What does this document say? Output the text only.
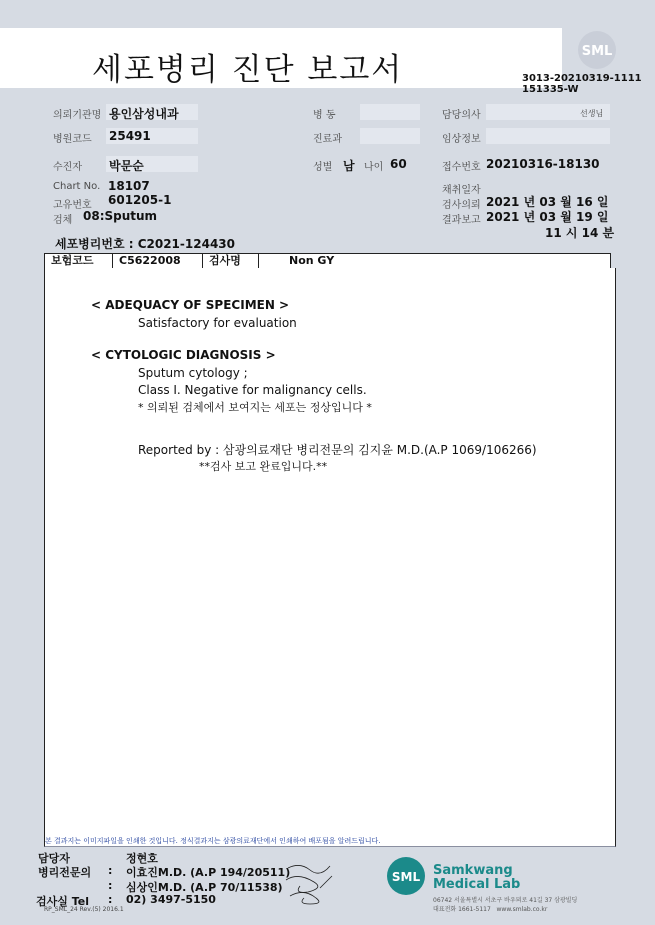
세포병리 진단 보고서
SML
3013-20210319-1111
151335-W
의뢰기관명 용인삼성내과	병 동	담당의사	선생님
병원코드 25491	진료과	임상정보
수진자 박문순	성별 남 나이 60	접수번호 20210316-18130
Chart No. 18107	채취일자
고유번호 601205-1	검사의뢰 2021 년 03 월 16 일
검체 08:Sputum	결과보고 2021 년 03 월 19 일
11 시 14 분
세포병리번호 : C2021-124430
보험코드	C5622008	검사명	Non GY
< ADEQUACY OF SPECIMEN >
Satisfactory for evaluation
< CYTOLOGIC DIAGNOSIS >
Sputum cytology ;
Class I. Negative for malignancy cells.
* 의뢰된 검체에서 보여지는 세포는 정상입니다 *
Reported by : 삼광의료재단 병리전문의 김지윤 M.D.(A.P 1069/106266)
**검사 보고 완료입니다.**
본 결과지는 이미지파일을 인쇄한 것입니다. 정식결과지는 삼광의료재단에서 인쇄하여 배포됨을 알려드립니다.
담당자	정현호
병리전문의 : 이효진M.D. (A.P 194/20511)
: 심상인M.D. (A.P 70/11538)
검사실 Tel : 02) 3497-5150
RP_SML_24 Rev.(5) 2016.1
SML Samkwang
Medical Lab
06742 서울특별시 서초구 바우뫼로 41길 37 삼광빌딩
대표전화 1661-5117   www.smlab.co.kr
